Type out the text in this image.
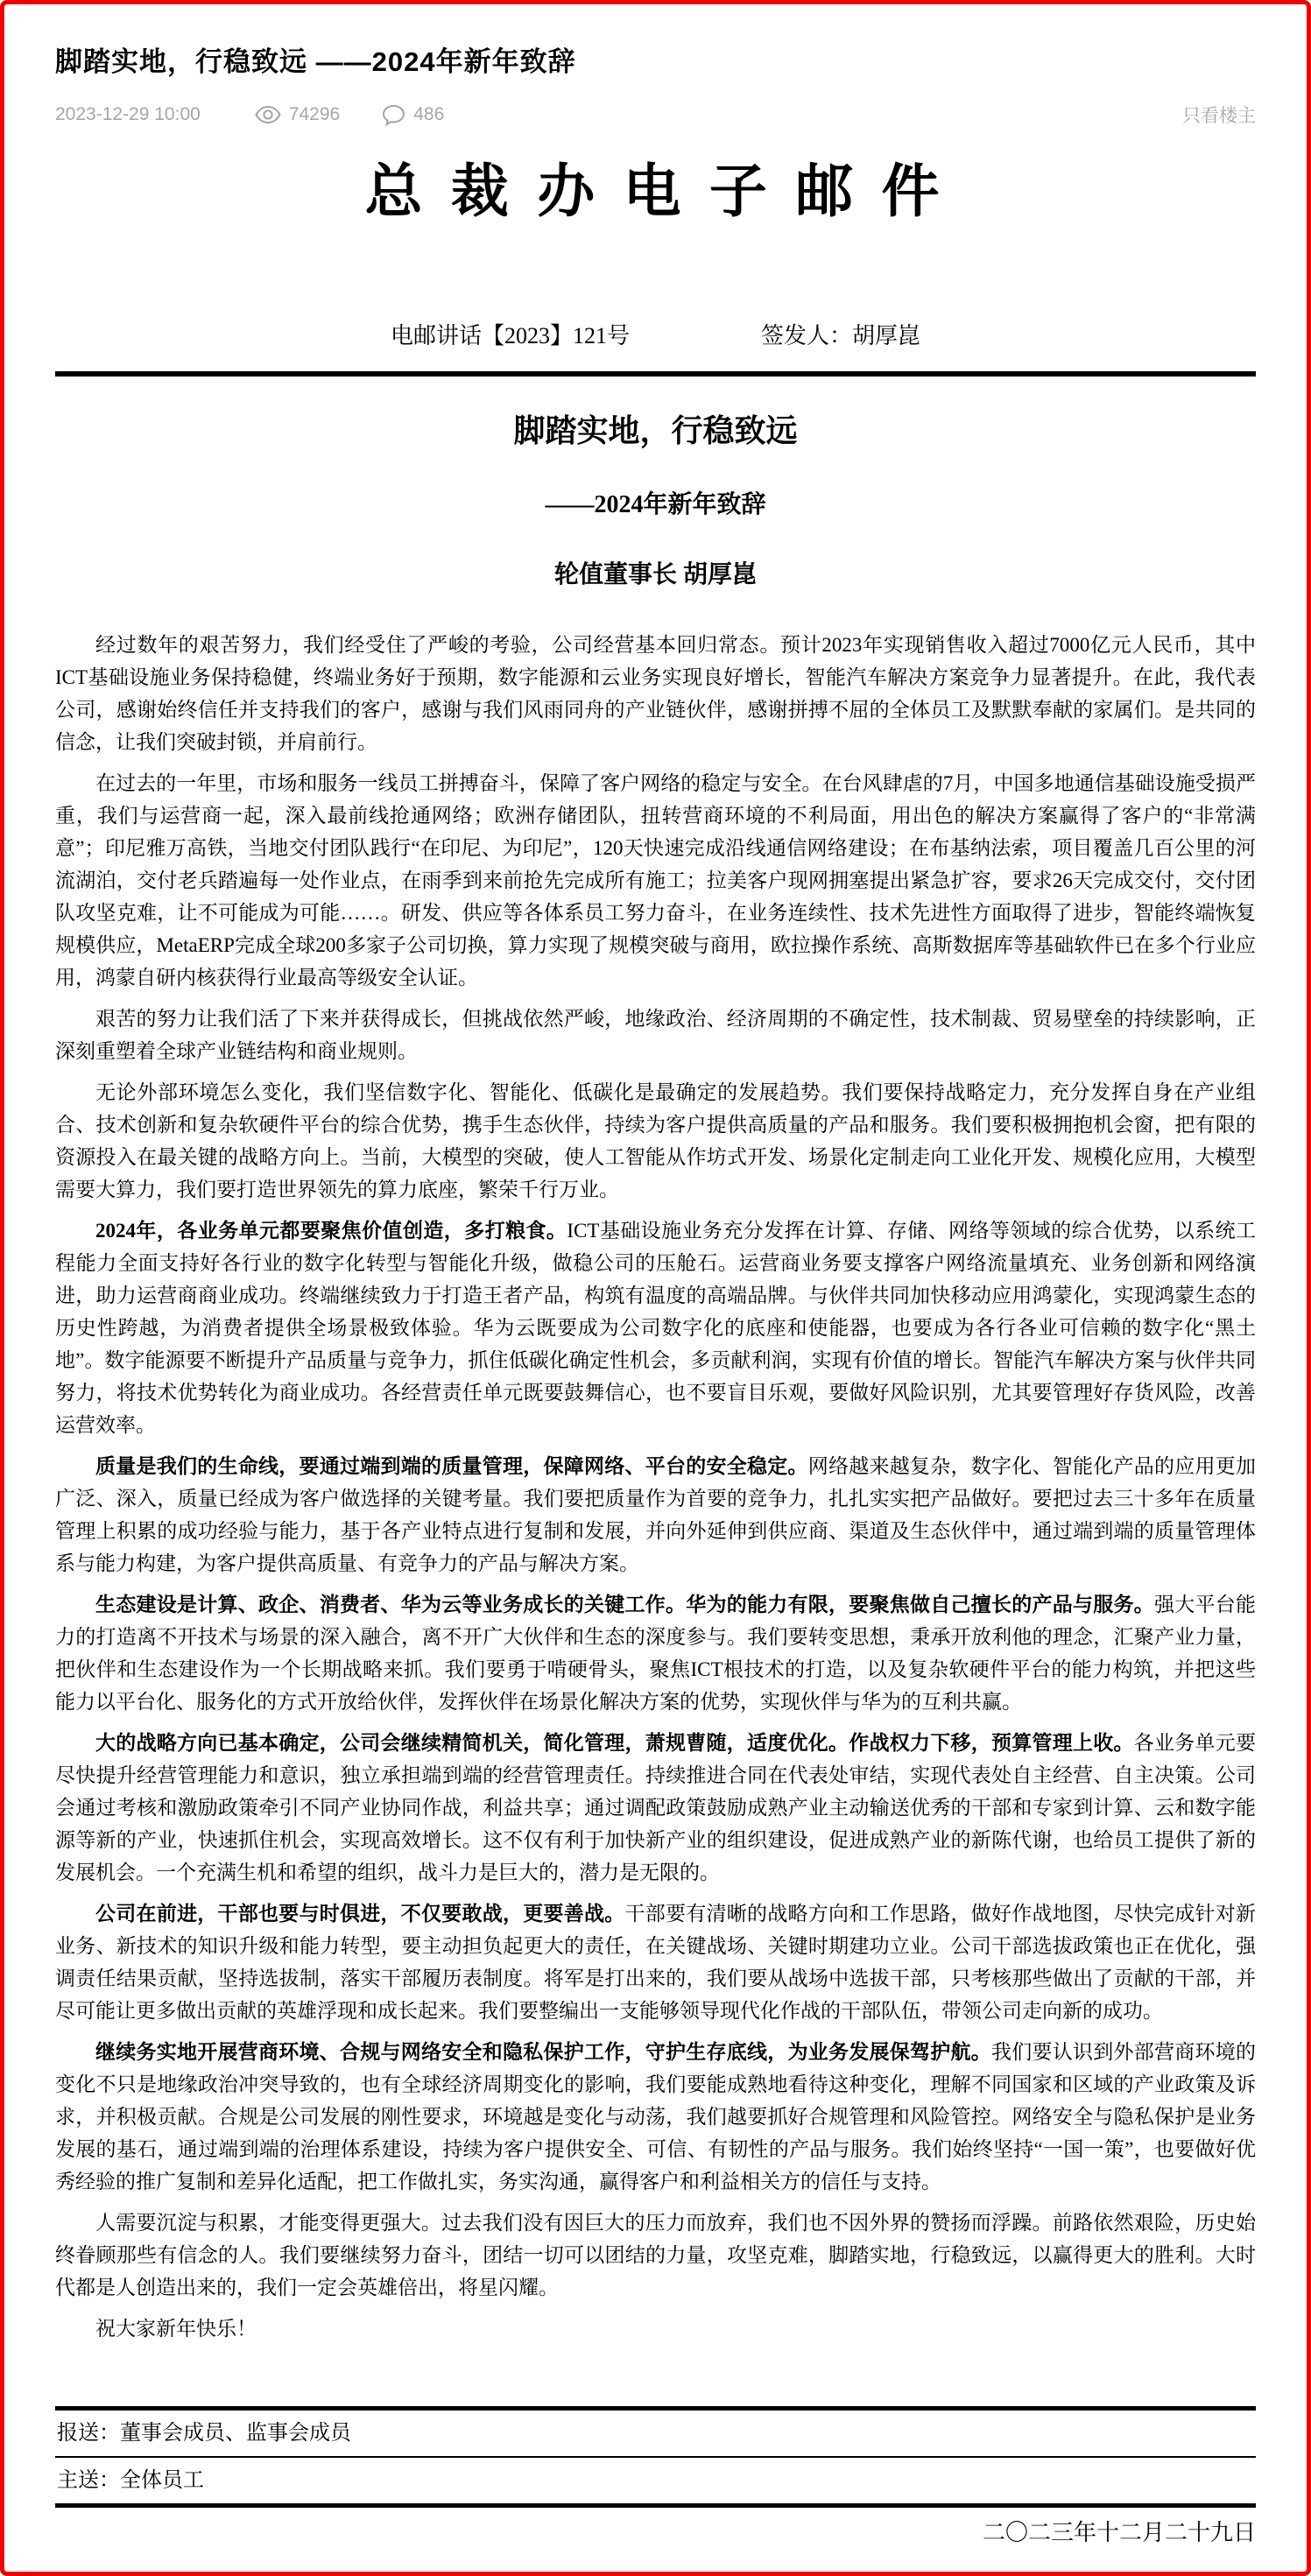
脚踏实地，行稳致远 ——2024年新年致辞
2023-12-29 10:00	74296	486	只看楼主
总 裁 办 电 子 邮 件
电邮讲话【2023】121号	签发人：胡厚崑
脚踏实地，行稳致远
——2024年新年致辞
轮值董事长 胡厚崑

经过数年的艰苦努力，我们经受住了严峻的考验，公司经营基本回归常态。预计2023年实现销售收入超过7000亿元人民币，其中ICT基础设施业务保持稳健，终端业务好于预期，数字能源和云业务实现良好增长，智能汽车解决方案竞争力显著提升。在此，我代表公司，感谢始终信任并支持我们的客户，感谢与我们风雨同舟的产业链伙伴，感谢拼搏不屈的全体员工及默默奉献的家属们。是共同的信念，让我们突破封锁，并肩前行。

在过去的一年里，市场和服务一线员工拼搏奋斗，保障了客户网络的稳定与安全。在台风肆虐的7月，中国多地通信基础设施受损严重，我们与运营商一起，深入最前线抢通网络；欧洲存储团队，扭转营商环境的不利局面，用出色的解决方案赢得了客户的“非常满意”；印尼雅万高铁，当地交付团队践行“在印尼、为印尼”，120天快速完成沿线通信网络建设；在布基纳法索，项目覆盖几百公里的河流湖泊，交付老兵踏遍每一处作业点，在雨季到来前抢先完成所有施工；拉美客户现网拥塞提出紧急扩容，要求26天完成交付，交付团队攻坚克难，让不可能成为可能……。研发、供应等各体系员工努力奋斗，在业务连续性、技术先进性方面取得了进步，智能终端恢复规模供应，MetaERP完成全球200多家子公司切换，算力实现了规模突破与商用，欧拉操作系统、高斯数据库等基础软件已在多个行业应用，鸿蒙自研内核获得行业最高等级安全认证。

艰苦的努力让我们活了下来并获得成长，但挑战依然严峻，地缘政治、经济周期的不确定性，技术制裁、贸易壁垒的持续影响，正深刻重塑着全球产业链结构和商业规则。

无论外部环境怎么变化，我们坚信数字化、智能化、低碳化是最确定的发展趋势。我们要保持战略定力，充分发挥自身在产业组合、技术创新和复杂软硬件平台的综合优势，携手生态伙伴，持续为客户提供高质量的产品和服务。我们要积极拥抱机会窗，把有限的资源投入在最关键的战略方向上。当前，大模型的突破，使人工智能从作坊式开发、场景化定制走向工业化开发、规模化应用，大模型需要大算力，我们要打造世界领先的算力底座，繁荣千行万业。

2024年，各业务单元都要聚焦价值创造，多打粮食。ICT基础设施业务充分发挥在计算、存储、网络等领域的综合优势，以系统工程能力全面支持好各行业的数字化转型与智能化升级，做稳公司的压舱石。运营商业务要支撑客户网络流量填充、业务创新和网络演进，助力运营商商业成功。终端继续致力于打造王者产品，构筑有温度的高端品牌。与伙伴共同加快移动应用鸿蒙化，实现鸿蒙生态的历史性跨越，为消费者提供全场景极致体验。华为云既要成为公司数字化的底座和使能器，也要成为各行各业可信赖的数字化“黑土地”。数字能源要不断提升产品质量与竞争力，抓住低碳化确定性机会，多贡献利润，实现有价值的增长。智能汽车解决方案与伙伴共同努力，将技术优势转化为商业成功。各经营责任单元既要鼓舞信心，也不要盲目乐观，要做好风险识别，尤其要管理好存货风险，改善运营效率。

质量是我们的生命线，要通过端到端的质量管理，保障网络、平台的安全稳定。网络越来越复杂，数字化、智能化产品的应用更加广泛、深入，质量已经成为客户做选择的关键考量。我们要把质量作为首要的竞争力，扎扎实实把产品做好。要把过去三十多年在质量管理上积累的成功经验与能力，基于各产业特点进行复制和发展，并向外延伸到供应商、渠道及生态伙伴中，通过端到端的质量管理体系与能力构建，为客户提供高质量、有竞争力的产品与解决方案。

生态建设是计算、政企、消费者、华为云等业务成长的关键工作。华为的能力有限，要聚焦做自己擅长的产品与服务。强大平台能力的打造离不开技术与场景的深入融合，离不开广大伙伴和生态的深度参与。我们要转变思想，秉承开放利他的理念，汇聚产业力量，把伙伴和生态建设作为一个长期战略来抓。我们要勇于啃硬骨头，聚焦ICT根技术的打造，以及复杂软硬件平台的能力构筑，并把这些能力以平台化、服务化的方式开放给伙伴，发挥伙伴在场景化解决方案的优势，实现伙伴与华为的互利共赢。

大的战略方向已基本确定，公司会继续精简机关，简化管理，萧规曹随，适度优化。作战权力下移，预算管理上收。各业务单元要尽快提升经营管理能力和意识，独立承担端到端的经营管理责任。持续推进合同在代表处审结，实现代表处自主经营、自主决策。公司会通过考核和激励政策牵引不同产业协同作战，利益共享；通过调配政策鼓励成熟产业主动输送优秀的干部和专家到计算、云和数字能源等新的产业，快速抓住机会，实现高效增长。这不仅有利于加快新产业的组织建设，促进成熟产业的新陈代谢，也给员工提供了新的发展机会。一个充满生机和希望的组织，战斗力是巨大的，潜力是无限的。

公司在前进，干部也要与时俱进，不仅要敢战，更要善战。干部要有清晰的战略方向和工作思路，做好作战地图，尽快完成针对新业务、新技术的知识升级和能力转型，要主动担负起更大的责任，在关键战场、关键时期建功立业。公司干部选拔政策也正在优化，强调责任结果贡献，坚持选拔制，落实干部履历表制度。将军是打出来的，我们要从战场中选拔干部，只考核那些做出了贡献的干部，并尽可能让更多做出贡献的英雄浮现和成长起来。我们要整编出一支能够领导现代化作战的干部队伍，带领公司走向新的成功。

继续务实地开展营商环境、合规与网络安全和隐私保护工作，守护生存底线，为业务发展保驾护航。我们要认识到外部营商环境的变化不只是地缘政治冲突导致的，也有全球经济周期变化的影响，我们要能成熟地看待这种变化，理解不同国家和区域的产业政策及诉求，并积极贡献。合规是公司发展的刚性要求，环境越是变化与动荡，我们越要抓好合规管理和风险管控。网络安全与隐私保护是业务发展的基石，通过端到端的治理体系建设，持续为客户提供安全、可信、有韧性的产品与服务。我们始终坚持“一国一策”，也要做好优秀经验的推广复制和差异化适配，把工作做扎实，务实沟通，赢得客户和利益相关方的信任与支持。

人需要沉淀与积累，才能变得更强大。过去我们没有因巨大的压力而放弃，我们也不因外界的赞扬而浮躁。前路依然艰险，历史始终眷顾那些有信念的人。我们要继续努力奋斗，团结一切可以团结的力量，攻坚克难，脚踏实地，行稳致远，以赢得更大的胜利。大时代都是人创造出来的，我们一定会英雄倍出，将星闪耀。

祝大家新年快乐！

报送：董事会成员、监事会成员
主送：全体员工
二〇二三年十二月二十九日
